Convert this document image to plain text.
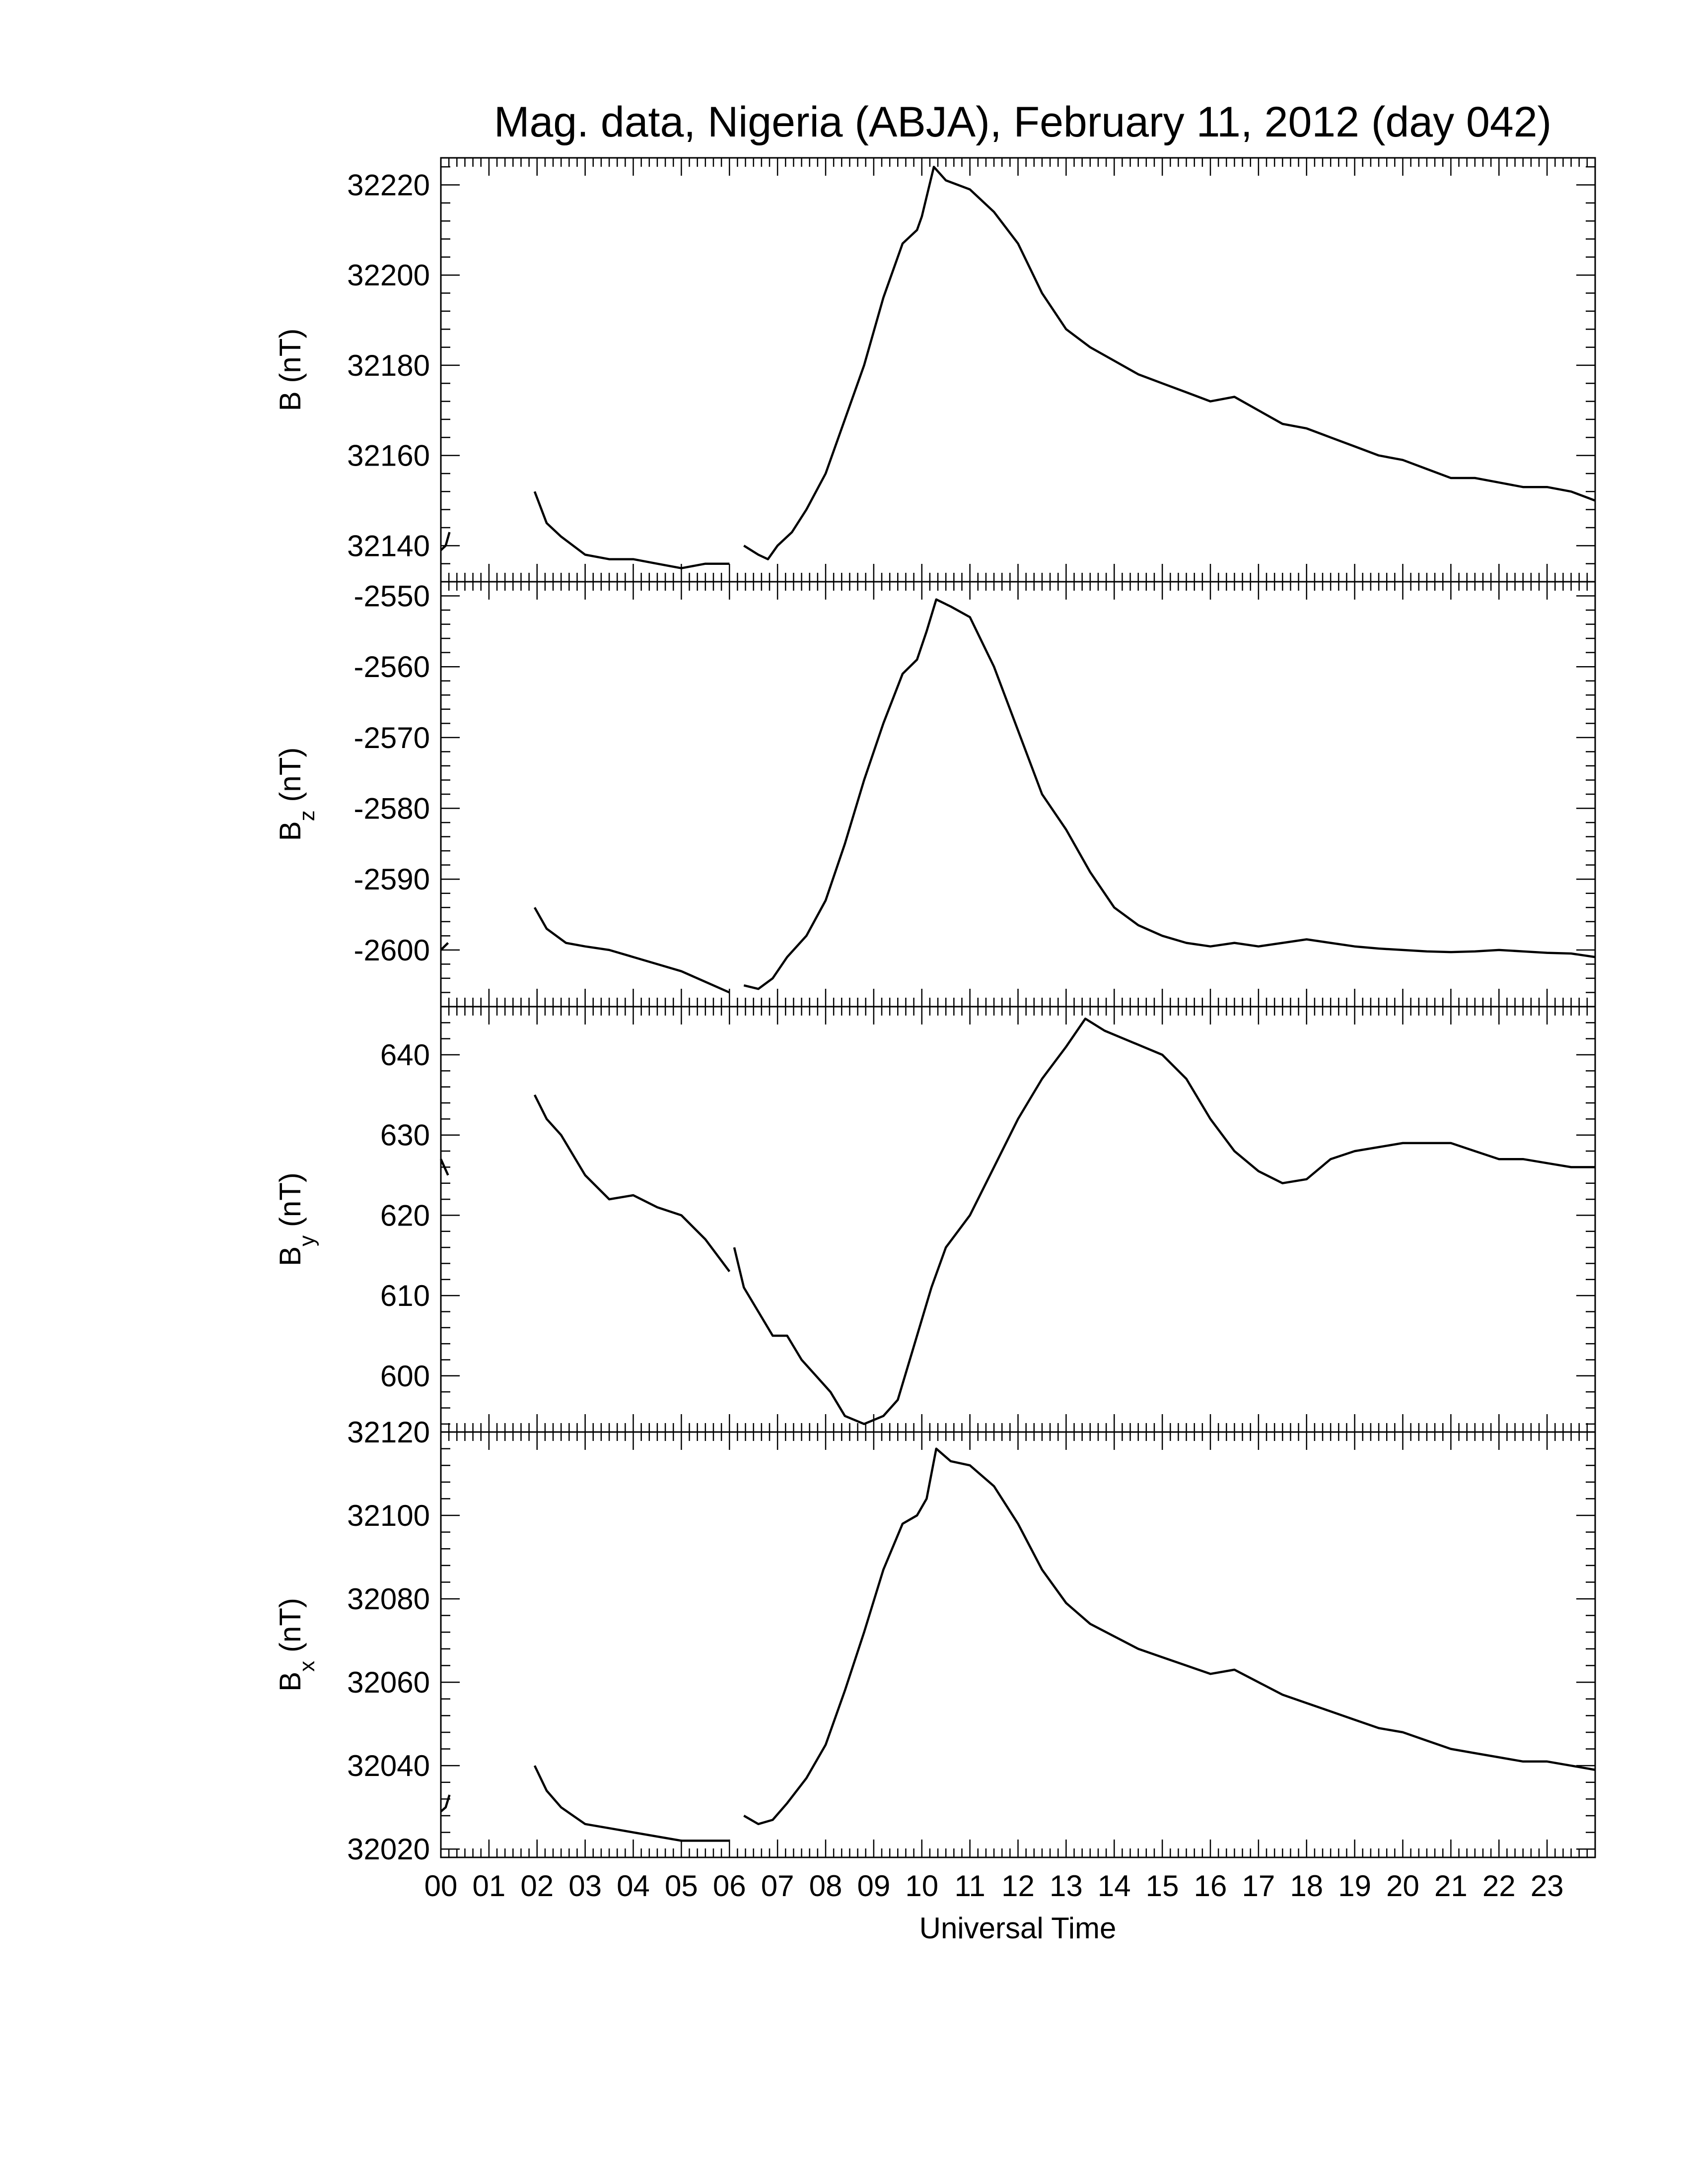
Mag. data, Nigeria (ABJA), February 11, 2012 (day 042)
32140
32160
32180
32200
32220
B (nT)
-2550
-2560
-2570
-2580
-2590
-2600
$B_z$ (nT)
600
610
620
630
640
$B_y$ (nT)
32020
32040
32060
32080
32100
32120
$B_x$ (nT)
00 01 02 03 04 05 06 07 08 09 10 11 12 13 14 15 16 17 18 19 20 21 22 23
Universal Time
